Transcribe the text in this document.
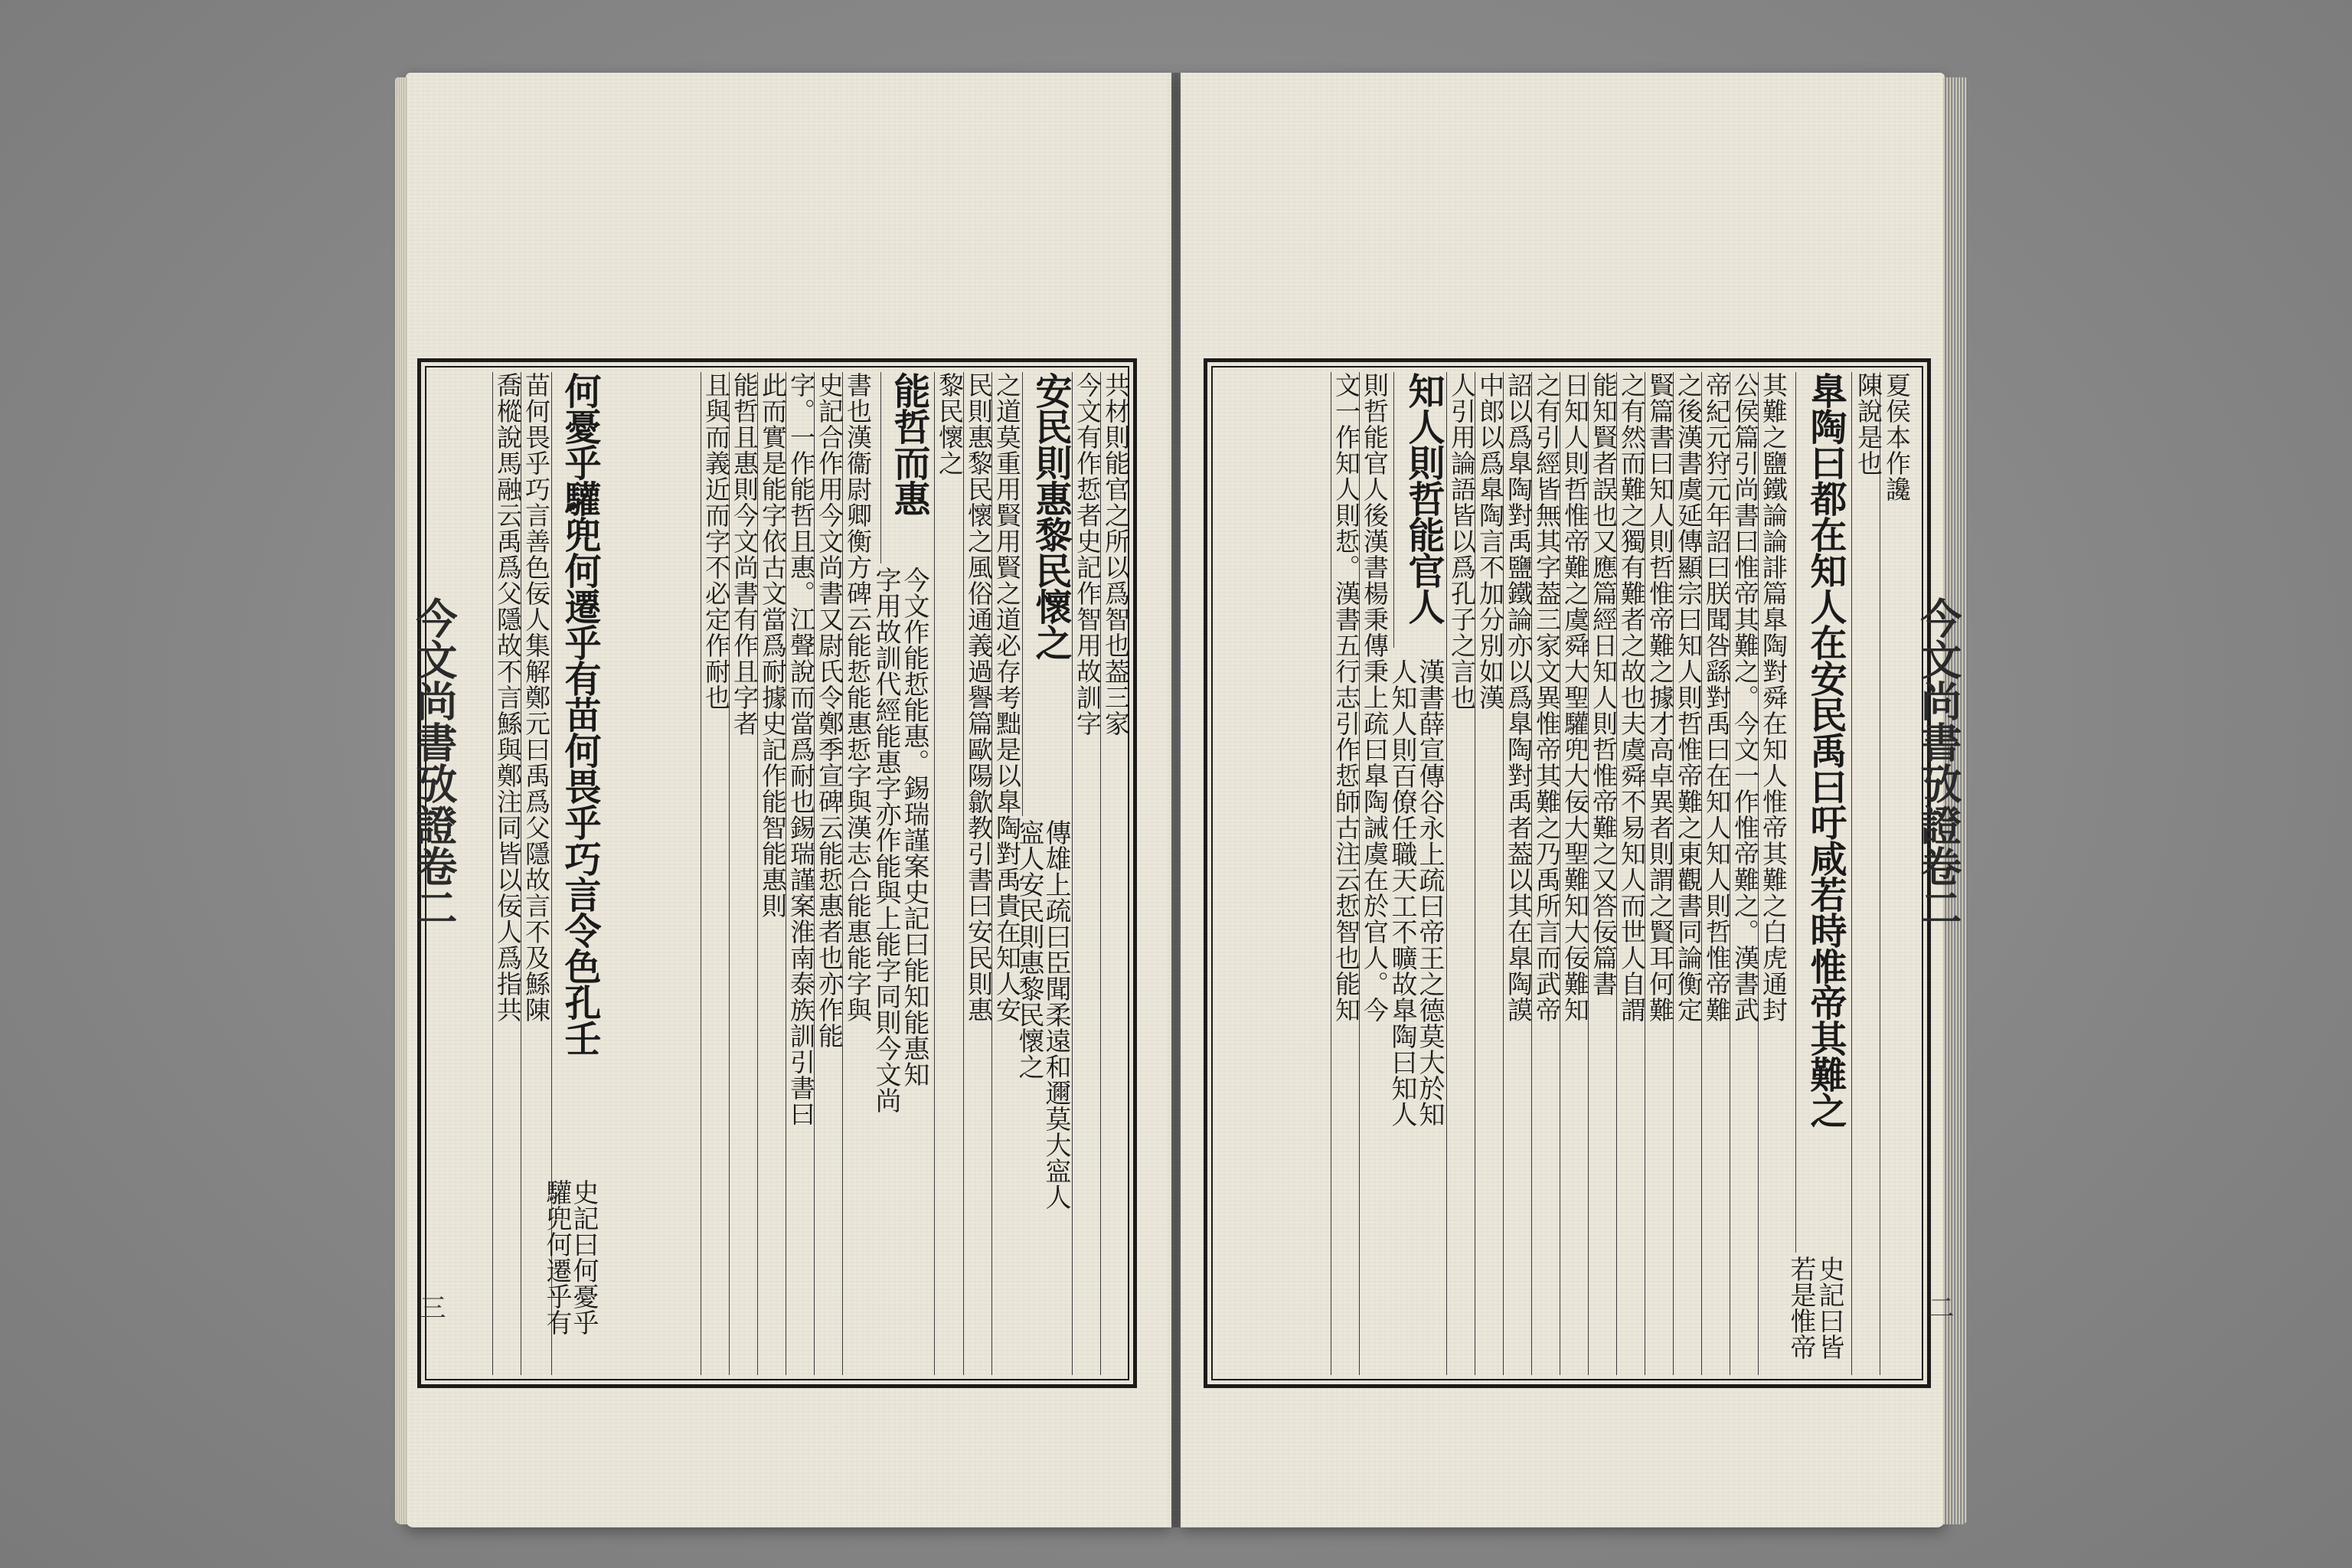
今文尚書攷證卷二
三
今文尚書攷證卷二
二
共材則能官之所以爲智也葢三家
今文有作悊者史記作智用故訓字
安民則惠黎民懷之
傳雄上疏曰臣聞柔遠和邇莫大寍人
寍人安民則惠黎民懷之
之道莫重用賢用賢之道必存考黜是以臯陶對禹貴在知人安
民則惠黎民懷之風俗通義過譽篇歐陽歙教引書曰安民則惠
黎民懷之
能哲而惠
今文作能悊能惠。錫瑞謹案史記曰能知能惠知
字用故訓代經能惠字亦作能與上能字同則今文尚
書也漢衞尉卿衡方碑云能悊能惠悊字與漢志合能惠能字與
史記合作用今文尚書又尉氏令鄭季宣碑云能悊惠者也亦作能
字。一作能哲且惠。江聲說而當爲耐也錫瑞謹案淮南泰族訓引書曰
此而實是能字依古文當爲耐據史記作能智能惠則
能哲且惠則今文尚書有作且字者
且與而義近而字不必定作耐也
何憂乎驩兜何遷乎有苗何畏乎巧言令色孔壬
苗何畏乎巧言善色佞人集解鄭元曰禹爲父隱故言不及鯀陳
喬樅說馬融云禹爲父隱故不言鯀與鄭注同皆以佞人爲指共
史記曰何憂乎
驩兜何遷乎有
夏侯本作讒
陳說是也
臯陶曰都在知人在安民禹曰吁咸若時惟帝其難之
史記曰皆
若是惟帝
其難之鹽鐵論論誹篇臯陶對舜在知人惟帝其難之白虎通封
公侯篇引尚書曰惟帝其難之。今文一作惟帝難之。漢書武
帝紀元狩元年詔曰朕聞咎繇對禹曰在知人知人則哲惟帝難
之後漢書虞延傳顯宗曰知人則哲惟帝難之東觀書同論衡定
賢篇書曰知人則哲惟帝難之據才高卓異者則謂之賢耳何難
之有然而難之獨有難者之故也夫虞舜不易知人而世人自謂
能知賢者誤也又應篇經日知人則哲惟帝難之又答佞篇書
日知人則哲惟帝難之虞舜大聖驩兜大佞大聖難知大佞難知
之有引經皆無其字葢三家文異惟帝其難之乃禹所言而武帝
詔以爲臯陶對禹鹽鐵論亦以爲臯陶對禹者葢以其在臯陶謨
中郎以爲臯陶言不加分別如漢
人引用論語皆以爲孔子之言也
知人則哲能官人
漢書薛宣傳谷永上疏曰帝王之德莫大於知
人知人則百僚任職天工不曠故臯陶曰知人
則哲能官人後漢書楊秉傳秉上疏曰臯陶誡虞在於官人。今
文一作知人則悊。漢書五行志引作悊師古注云悊智也能知
